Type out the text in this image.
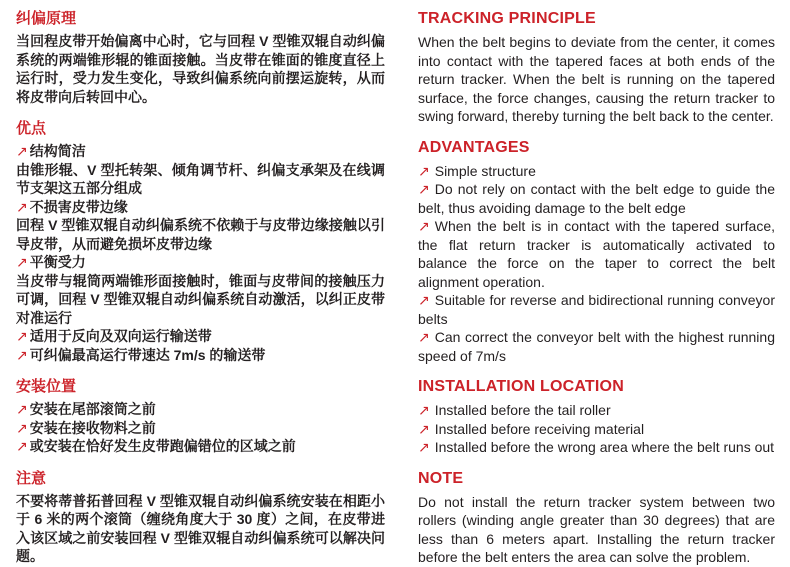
纠偏原理

当回程皮带开始偏离中心时，它与回程 V 型锥双辊自动纠偏系统的两端锥形辊的锥面接触。当皮带在锥面的锥度直径上运行时，受力发生变化，导致纠偏系统向前摆运旋转，从而将皮带向后转回中心。

优点
↗ 结构简洁
由锥形辊、V 型托转架、倾角调节杆、纠偏支承架及在线调节支架这五部分组成
↗ 不损害皮带边缘
回程 V 型锥双辊自动纠偏系统不依赖于与皮带边缘接触以引导皮带，从而避免损坏皮带边缘
↗ 平衡受力
当皮带与辊筒两端锥形面接触时，锥面与皮带间的接触压力可调，回程 V 型锥双辊自动纠偏系统自动激活，以纠正皮带对准运行
↗ 适用于反向及双向运行输送带
↗ 可纠偏最高运行带速达 7m/s 的输送带
安装位置
↗ 安装在尾部滚筒之前
↗ 安装在接收物料之前
↗ 或安装在恰好发生皮带跑偏错位的区域之前
注意

不要将蒂普拓普回程 V 型锥双辊自动纠偏系统安装在相距小于 6 米的两个滚筒（缠绕角度大于 30 度）之间，在皮带进入该区域之前安装回程 V 型锥双辊自动纠偏系统可以解决问题。

TRACKING PRINCIPLE

When the belt begins to deviate from the center, it comes into contact with the tapered faces at both ends of the return tracker. When the belt is running on the tapered surface, the force changes, causing the return tracker to swing forward, thereby turning the belt back to the center.

ADVANTAGES
↗ Simple structure
↗ Do not rely on contact with the belt edge to guide the belt, thus avoiding damage to the belt edge
↗ When the belt is in contact with the tapered surface, the flat return tracker is automatically activated to balance the force on the taper to correct the belt alignment operation.
↗ Suitable for reverse and bidirectional running conveyor belts
↗ Can correct the conveyor belt with the highest running speed of 7m/s
INSTALLATION LOCATION
↗ Installed before the tail roller
↗ Installed before receiving material
↗ Installed before the wrong area where the belt runs out
NOTE

Do not install the return tracker system between two rollers (winding angle greater than 30 degrees) that are less than 6 meters apart. Installing the return tracker before the belt enters the area can solve the problem.
